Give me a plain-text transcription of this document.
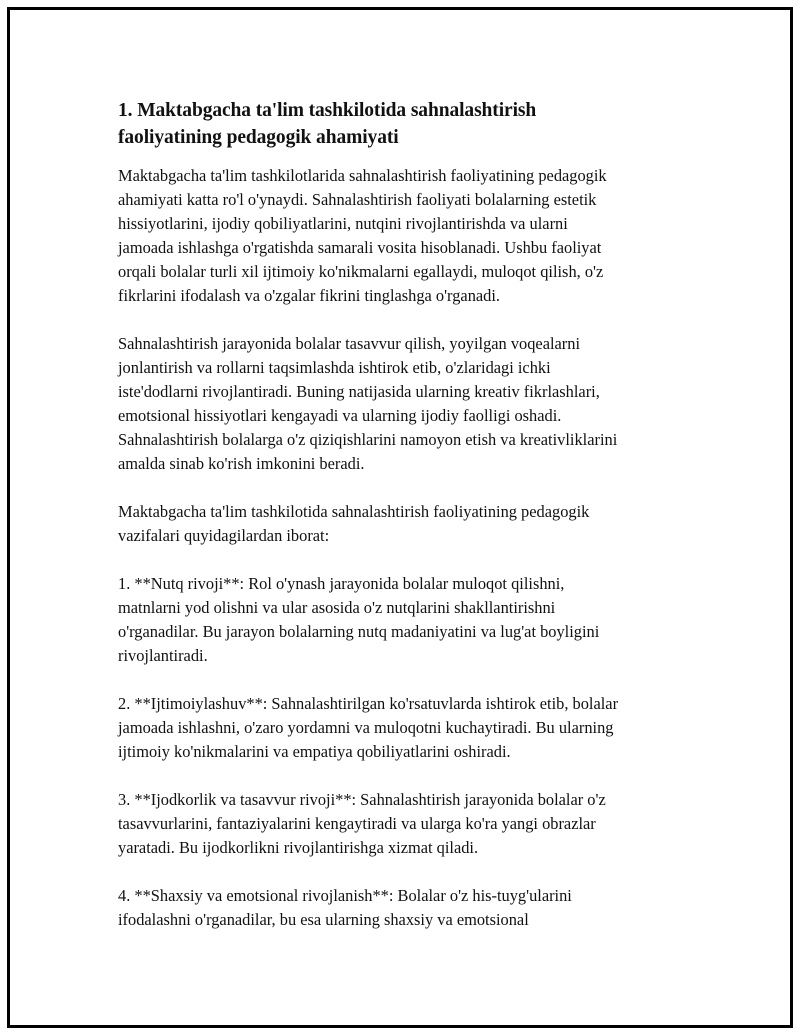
1. Maktabgacha ta'lim tashkilotida sahnalashtirish
faoliyatining pedagogik ahamiyati

Maktabgacha ta'lim tashkilotlarida sahnalashtirish faoliyatining pedagogik
ahamiyati katta ro'l o'ynaydi. Sahnalashtirish faoliyati bolalarning estetik
hissiyotlarini, ijodiy qobiliyatlarini, nutqini rivojlantirishda va ularni
jamoada ishlashga o'rgatishda samarali vosita hisoblanadi. Ushbu faoliyat
orqali bolalar turli xil ijtimoiy ko'nikmalarni egallaydi, muloqot qilish, o'z
fikrlarini ifodalash va o'zgalar fikrini tinglashga o'rganadi.

Sahnalashtirish jarayonida bolalar tasavvur qilish, yoyilgan voqealarni
jonlantirish va rollarni taqsimlashda ishtirok etib, o'zlaridagi ichki
iste'dodlarni rivojlantiradi. Buning natijasida ularning kreativ fikrlashlari,
emotsional hissiyotlari kengayadi va ularning ijodiy faolligi oshadi.
Sahnalashtirish bolalarga o'z qiziqishlarini namoyon etish va kreativliklarini
amalda sinab ko'rish imkonini beradi.

Maktabgacha ta'lim tashkilotida sahnalashtirish faoliyatining pedagogik
vazifalari quyidagilardan iborat:

1. **Nutq rivoji**: Rol o'ynash jarayonida bolalar muloqot qilishni,
matnlarni yod olishni va ular asosida o'z nutqlarini shakllantirishni
o'rganadilar. Bu jarayon bolalarning nutq madaniyatini va lug'at boyligini
rivojlantiradi.

2. **Ijtimoiylashuv**: Sahnalashtirilgan ko'rsatuvlarda ishtirok etib, bolalar
jamoada ishlashni, o'zaro yordamni va muloqotni kuchaytiradi. Bu ularning
ijtimoiy ko'nikmalarini va empatiya qobiliyatlarini oshiradi.

3. **Ijodkorlik va tasavvur rivoji**: Sahnalashtirish jarayonida bolalar o'z
tasavvurlarini, fantaziyalarini kengaytiradi va ularga ko'ra yangi obrazlar
yaratadi. Bu ijodkorlikni rivojlantirishga xizmat qiladi.

4. **Shaxsiy va emotsional rivojlanish**: Bolalar o'z his-tuyg'ularini
ifodalashni o'rganadilar, bu esa ularning shaxsiy va emotsional
